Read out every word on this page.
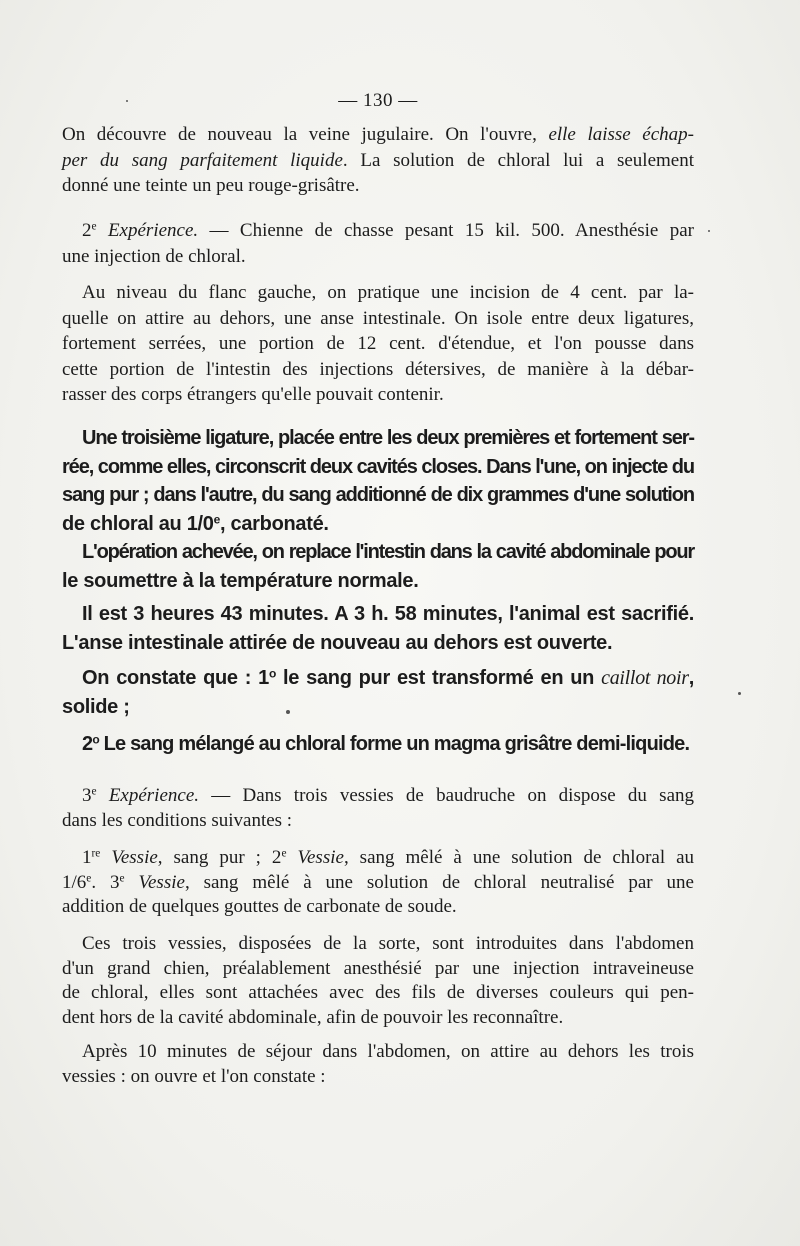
— 130 —
On découvre de nouveau la veine jugulaire. On l'ouvre, elle laisse échap-
per du sang parfaitement liquide. La solution de chloral lui a seulement
donné une teinte un peu rouge-grisâtre.
2e Expérience. — Chienne de chasse pesant 15 kil. 500. Anesthésie par
une injection de chloral.
Au niveau du flanc gauche, on pratique une incision de 4 cent. par la-
quelle on attire au dehors, une anse intestinale. On isole entre deux ligatures,
fortement serrées, une portion de 12 cent. d'étendue, et l'on pousse dans
cette portion de l'intestin des injections détersives, de manière à la débar-
rasser des corps étrangers qu'elle pouvait contenir.
Une troisième ligature, placée entre les deux premières et fortement ser-
rée, comme elles, circonscrit deux cavités closes. Dans l'une, on injecte du
sang pur ; dans l'autre, du sang additionné de dix grammes d'une solution
de chloral au 1/0e, carbonaté.
L'opération achevée, on replace l'intestin dans la cavité abdominale pour
le soumettre à la température normale.
Il est 3 heures 43 minutes. A 3 h. 58 minutes, l'animal est sacrifié.
L'anse intestinale attirée de nouveau au dehors est ouverte.
On constate que : 1$^o$ le sang pur est transformé en un caillot noir,
solide ;
2$^o$ Le sang mélangé au chloral forme un magma grisâtre demi-liquide.
3e Expérience. — Dans trois vessies de baudruche on dispose du sang
dans les conditions suivantes :
1re Vessie, sang pur ; 2e Vessie, sang mêlé à une solution de chloral au
1/6e. 3e Vessie, sang mêlé à une solution de chloral neutralisé par une
addition de quelques gouttes de carbonate de soude.
Ces trois vessies, disposées de la sorte, sont introduites dans l'abdomen
d'un grand chien, préalablement anesthésié par une injection intraveineuse
de chloral, elles sont attachées avec des fils de diverses couleurs qui pen-
dent hors de la cavité abdominale, afin de pouvoir les reconnaître.
Après 10 minutes de séjour dans l'abdomen, on attire au dehors les trois
vessies : on ouvre et l'on constate :
